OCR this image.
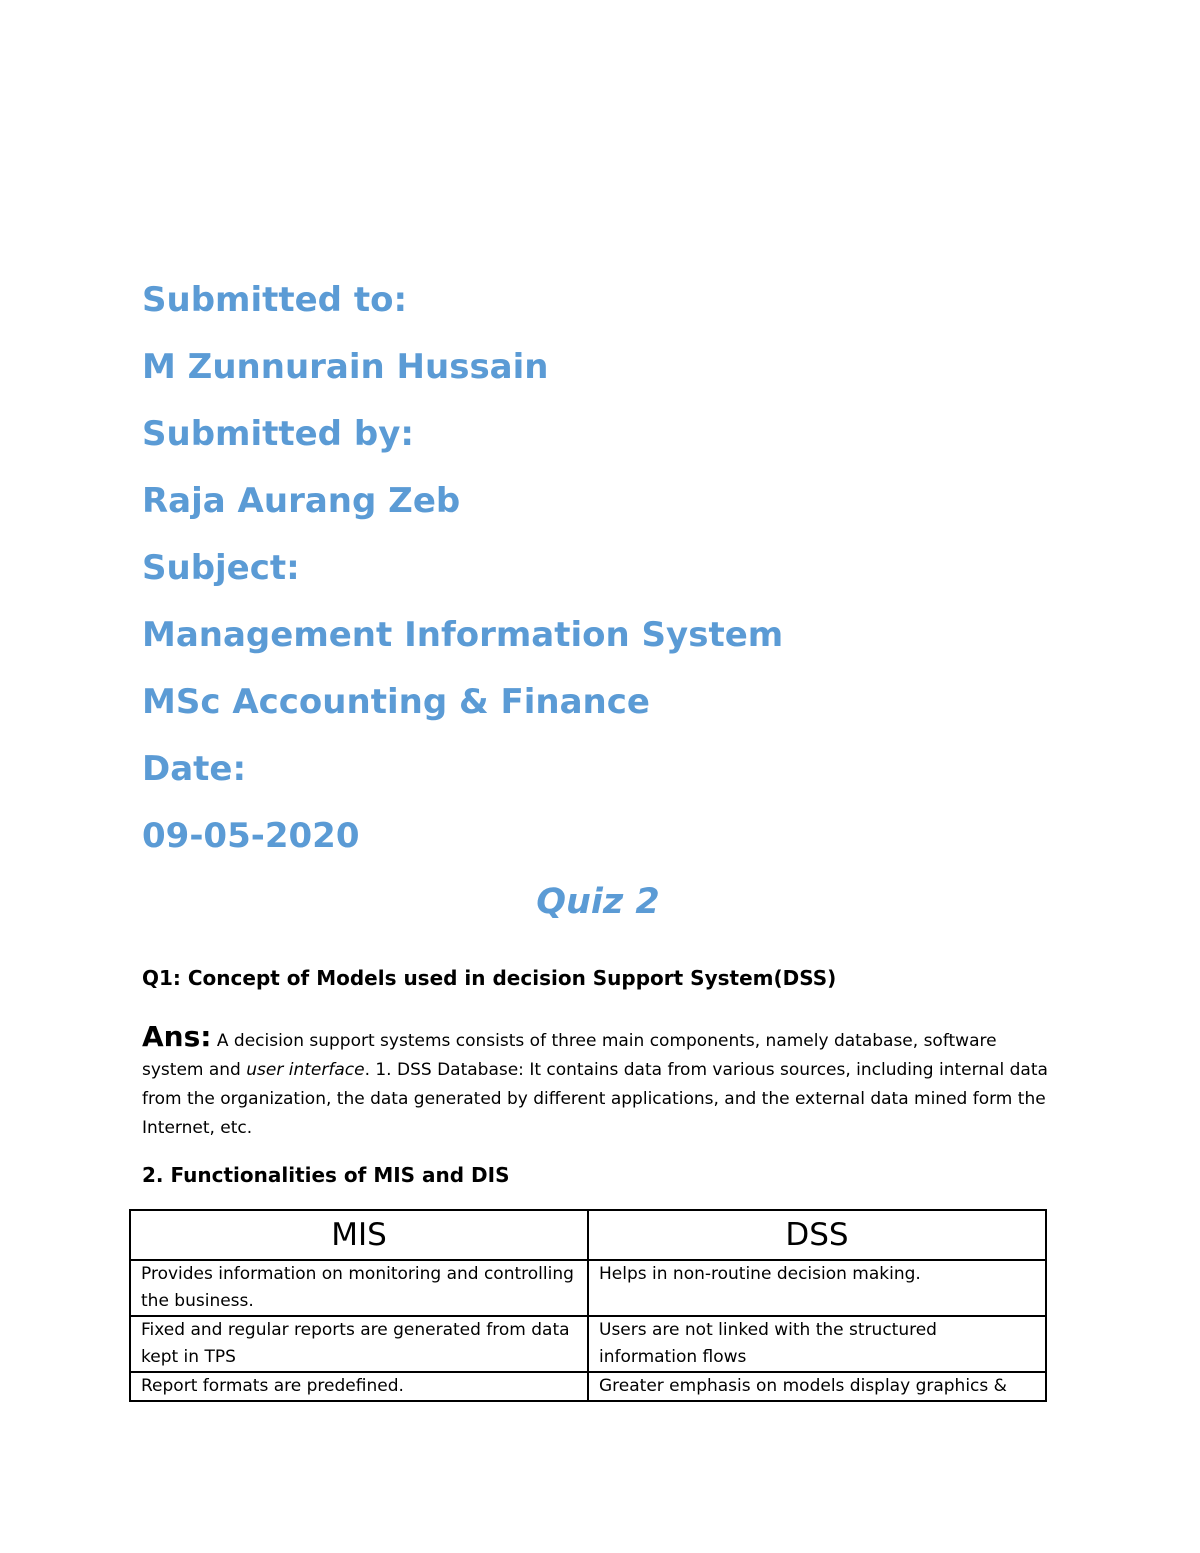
Submitted to:
M Zunnurain Hussain
Submitted by:
Raja Aurang Zeb
Subject:
Management Information System
MSc Accounting & Finance
Date:
09-05-2020
Quiz 2
Q1: Concept of Models used in decision Support System(DSS)
Ans: A decision support systems consists of three main components, namely database, software system and user interface. 1. DSS Database: It contains data from various sources, including internal data from the organization, the data generated by different applications, and the external data mined form the Internet, etc.
2. Functionalities of MIS and DIS
MIS	DSS
Provides information on monitoring and controlling the business.	Helps in non-routine decision making.
Fixed and regular reports are generated from data kept in TPS	Users are not linked with the structured information flows
Report formats are predefined.	Greater emphasis on models display graphics &
